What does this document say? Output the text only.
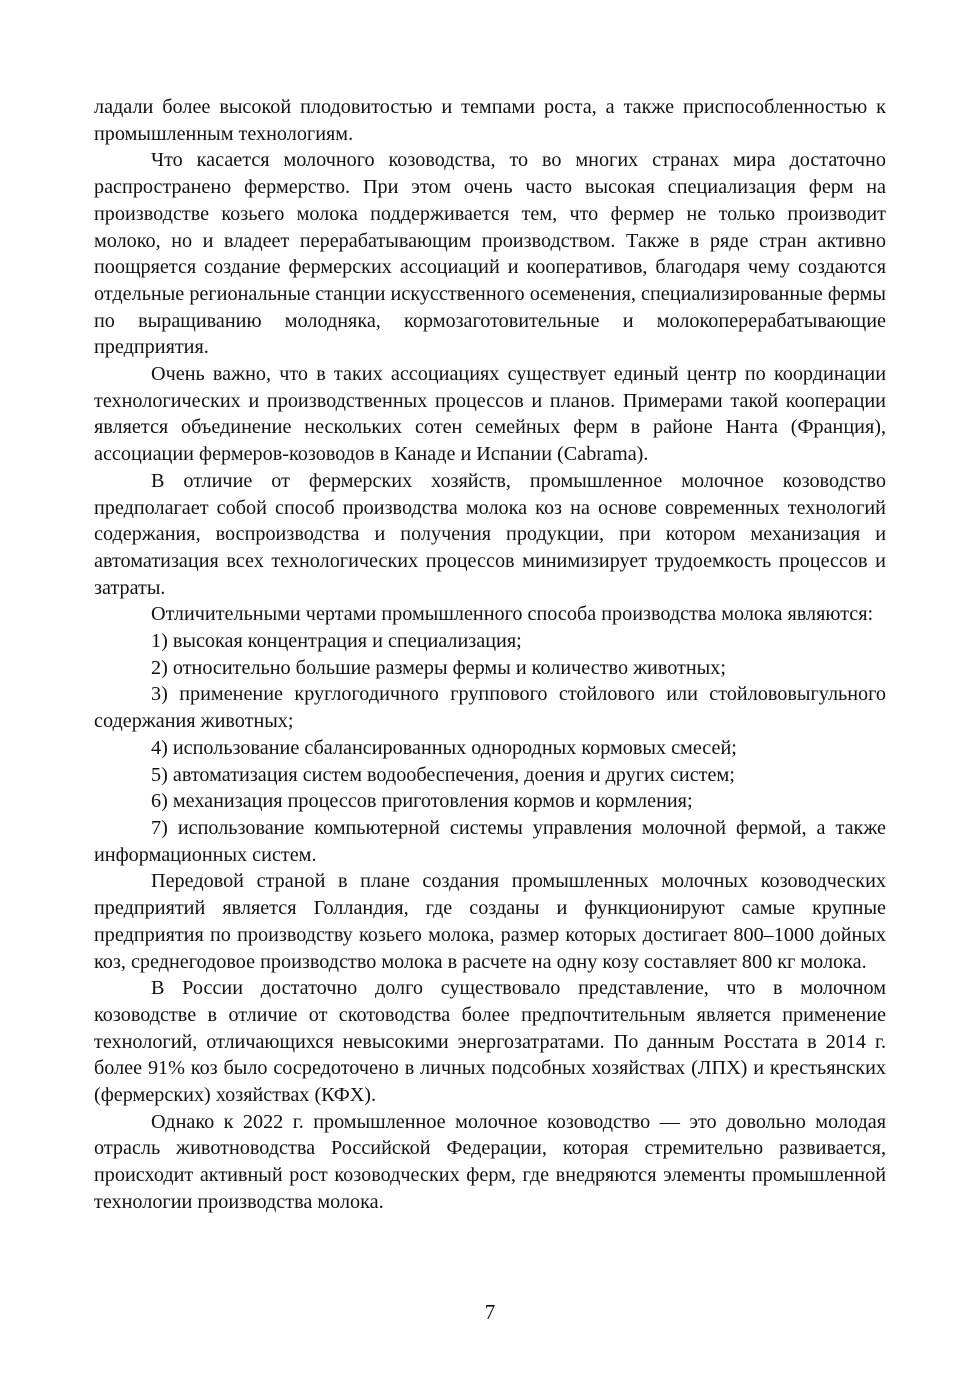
ладали более высокой плодовитостью и темпами роста, а также приспособленностью к промышленным технологиям.

Что касается молочного козоводства, то во многих странах мира достаточно распространено фермерство. При этом очень часто высокая специализация ферм на производстве козьего молока поддерживается тем, что фермер не только производит молоко, но и владеет перерабатывающим производством. Также в ряде стран активно поощряется создание фермерских ассоциаций и кооперативов, благодаря чему создаются отдельные региональные станции искусственного осеменения, специализированные фермы по выращиванию молодняка, кормозаготовительные и молокоперерабатывающие предприятия.

Очень важно, что в таких ассоциациях существует единый центр по координации технологических и производственных процессов и планов. Примерами такой кооперации является объединение нескольких сотен семейных ферм в районе Нанта (Франция), ассоциации фермеров-козоводов в Канаде и Испании (Cabrama).

В отличие от фермерских хозяйств, промышленное молочное козоводство предполагает собой способ производства молока коз на основе современных технологий содержания, воспроизводства и получения продукции, при котором механизация и автоматизация всех технологических процессов минимизирует трудоемкость процессов и затраты.

Отличительными чертами промышленного способа производства молока являются:

1) высокая концентрация и специализация;

2) относительно большие размеры фермы и количество животных;

3) применение круглогодичного группового стойлового или стойлововыгульного содержания животных;

4) использование сбалансированных однородных кормовых смесей;

5) автоматизация систем водообеспечения, доения и других систем;

6) механизация процессов приготовления кормов и кормления;

7) использование компьютерной системы управления молочной фермой, а также информационных систем.

Передовой страной в плане создания промышленных молочных козоводческих предприятий является Голландия, где созданы и функционируют самые крупные предприятия по производству козьего молока, размер которых достигает 800–1000 дойных коз, среднегодовое производство молока в расчете на одну козу составляет 800 кг молока.

В России достаточно долго существовало представление, что в молочном козоводстве в отличие от скотоводства более предпочтительным является применение технологий, отличающихся невысокими энергозатратами. По данным Росстата в 2014 г. более 91% коз было сосредоточено в личных подсобных хозяйствах (ЛПХ) и крестьянских (фермерских) хозяйствах (КФХ).

Однако к 2022 г. промышленное молочное козоводство — это довольно молодая отрасль животноводства Российской Федерации, которая стремительно развивается, происходит активный рост козоводческих ферм, где внедряются элементы промышленной технологии производства молока.

7
